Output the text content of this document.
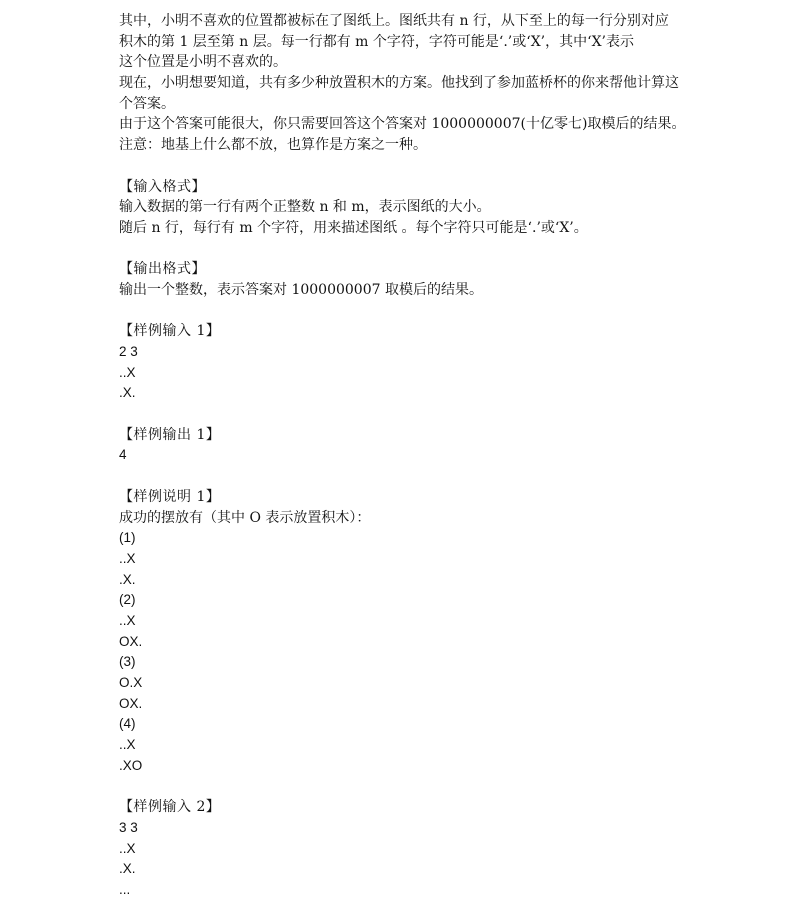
其中，小明不喜欢的位置都被标在了图纸上。图纸共有 n 行，从下至上的每一行分别对应
积木的第 1 层至第 n 层。每一行都有 m 个字符，字符可能是‘.’或‘X’，其中‘X’表示
这个位置是小明不喜欢的。
现在，小明想要知道，共有多少种放置积木的方案。他找到了参加蓝桥杯的你来帮他计算这
个答案。
由于这个答案可能很大，你只需要回答这个答案对 1000000007(十亿零七)取模后的结果。
注意：地基上什么都不放，也算作是方案之一种。
【输入格式】
输入数据的第一行有两个正整数 n 和 m，表示图纸的大小。
随后 n 行，每行有 m 个字符，用来描述图纸 。每个字符只可能是‘.’或‘X’。
【输出格式】
输出一个整数，表示答案对 1000000007 取模后的结果。
【样例输入 1】
2 3
..X
.X.
【样例输出 1】
4
【样例说明 1】
成功的摆放有（其中 O 表示放置积木）：
(1)
..X
.X.
(2)
..X
OX.
(3)
O.X
OX.
(4)
..X
.XO
【样例输入 2】
3 3
..X
.X.
...
